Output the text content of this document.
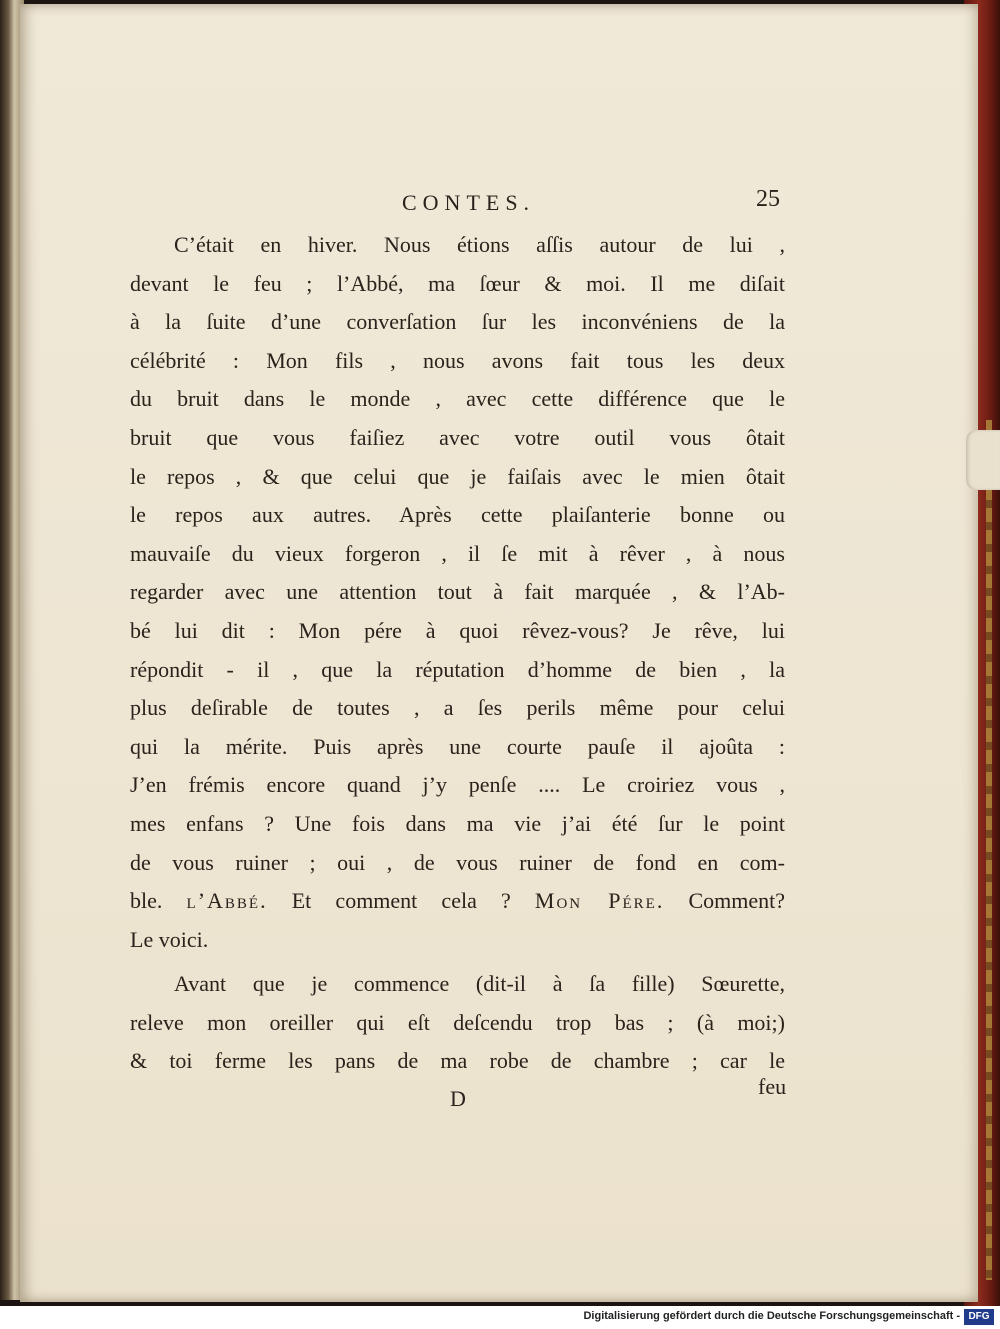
CONTES.	25
C’était en hiver. Nous étions aſſis autour de lui ,
devant le feu ; l’Abbé, ma ſœur & moi. Il me diſait
à la ſuite d’une converſation ſur les inconvéniens de la
célébrité : Mon fils , nous avons fait tous les deux
du bruit dans le monde , avec cette différence que le
bruit que vous faiſiez avec votre outil vous ôtait
le repos , & que celui que je faiſais avec le mien ôtait
le repos aux autres. Après cette plaiſanterie bonne ou
mauvaiſe du vieux forgeron , il ſe mit à rêver , à nous
regarder avec une attention tout à fait marquée , & l’Ab-
bé lui dit : Mon pére à quoi rêvez-vous? Je rêve, lui
répondit - il , que la réputation d’homme de bien , la
plus deſirable de toutes , a ſes perils même pour celui
qui la mérite. Puis après une courte pauſe il ajoûta :
J’en frémis encore quand j’y penſe .... Le croiriez vous ,
mes enfans ? Une fois dans ma vie j’ai été ſur le point
de vous ruiner ; oui , de vous ruiner de fond en com-
ble. l’Abbé. Et comment cela ? Mon Pére. Comment?
Le voici.
Avant que je commence (dit-il à ſa fille) Sœurette,
releve mon oreiller qui eſt deſcendu trop bas ; (à moi;)
& toi ferme les pans de ma robe de chambre ; car le
D	feu
Digitalisierung gefördert durch die Deutsche Forschungsgemeinschaft - DFG
